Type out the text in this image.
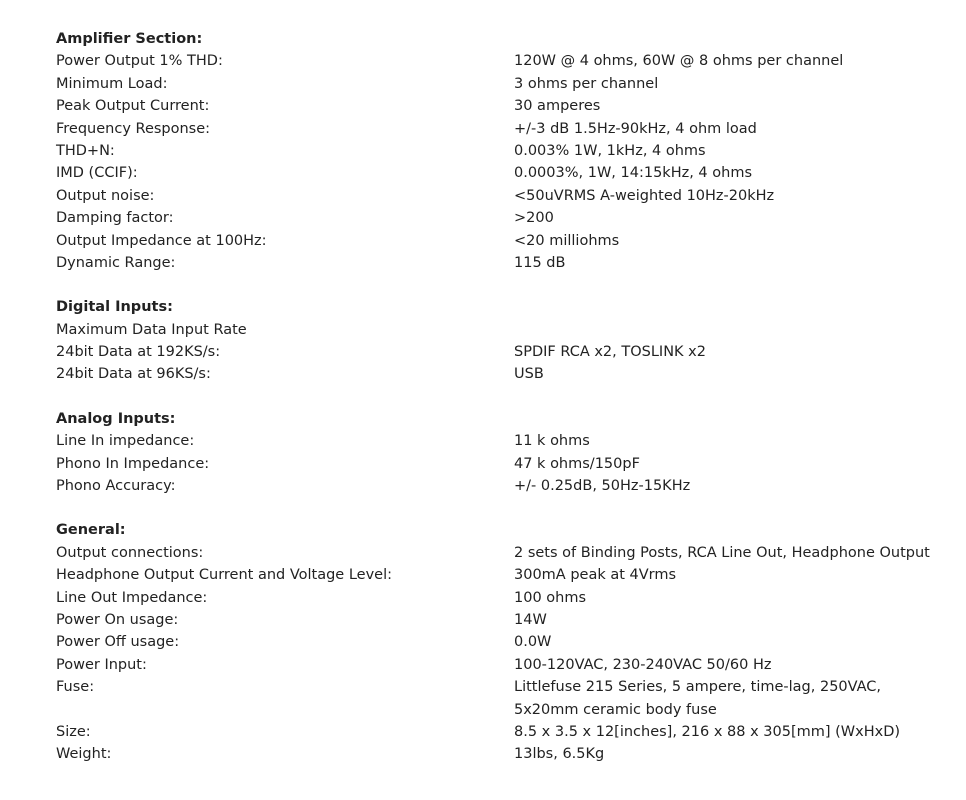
Amplifier Section:
Power Output 1% THD:	120W @ 4 ohms, 60W @ 8 ohms per channel
Minimum Load:	3 ohms per channel
Peak Output Current:	30 amperes
Frequency Response:	+/-3 dB 1.5Hz-90kHz, 4 ohm load
THD+N:	0.003% 1W, 1kHz, 4 ohms
IMD (CCIF):	0.0003%, 1W, 14:15kHz, 4 ohms
Output noise:	<50uVRMS A-weighted 10Hz-20kHz
Damping factor:	>200
Output Impedance at 100Hz:	<20 milliohms
Dynamic Range:	115 dB
Digital Inputs:
Maximum Data Input Rate
24bit Data at 192KS/s:	SPDIF RCA x2, TOSLINK x2
24bit Data at 96KS/s:	USB
Analog Inputs:
Line In impedance:	11 k ohms
Phono In Impedance:	47 k ohms/150pF
Phono Accuracy:	+/- 0.25dB, 50Hz-15KHz
General:
Output connections:	2 sets of Binding Posts, RCA Line Out, Headphone Output
Headphone Output Current and Voltage Level:	300mA peak at 4Vrms
Line Out Impedance:	100 ohms
Power On usage:	14W
Power Off usage:	0.0W
Power Input:	100-120VAC, 230-240VAC 50/60 Hz
Fuse:	Littlefuse 215 Series, 5 ampere, time-lag, 250VAC, 5x20mm ceramic body fuse
Size:	8.5 x 3.5 x 12[inches], 216 x 88 x 305[mm] (WxHxD)
Weight:	13lbs, 6.5Kg
